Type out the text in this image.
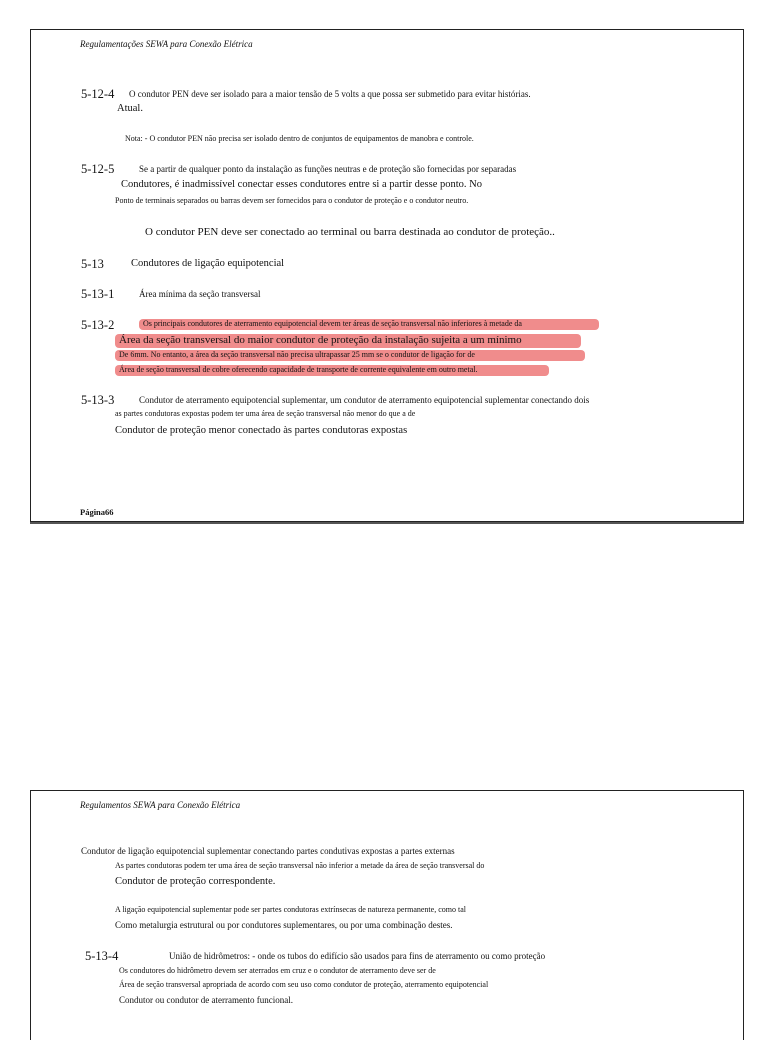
Regulamentações SEWA para Conexão Elétrica
5-12-4 O condutor PEN deve ser isolado para a maior tensão de 5 volts a que possa ser submetido para evitar histórias.
Atual.
Nota: - O condutor PEN não precisa ser isolado dentro de conjuntos de equipamentos de manobra e controle.
5-12-5	Se a partir de qualquer ponto da instalação as funções neutras e de proteção são fornecidas por separadas
Condutores, é inadmissível conectar esses condutores entre si a partir desse ponto. No
Ponto de terminais separados ou barras devem ser fornecidos para o condutor de proteção e o condutor neutro.
O condutor PEN deve ser conectado ao terminal ou barra destinada ao condutor de proteção..
5-13	Condutores de ligação equipotencial
5-13-1	Área mínima da seção transversal
5-13-2	Os principais condutores de aterramento equipotencial devem ter áreas de seção transversal não inferiores à metade da
Área da seção transversal do maior condutor de proteção da instalação sujeita a um mínimo
De 6mm. No entanto, a área da seção transversal não precisa ultrapassar 25 mm se o condutor de ligação for de
Área de seção transversal de cobre oferecendo capacidade de transporte de corrente equivalente em outro metal.
5-13-3	Condutor de aterramento equipotencial suplementar, um condutor de aterramento equipotencial suplementar conectando dois
as partes condutoras expostas podem ter uma área de seção transversal não menor do que a de
Condutor de proteção menor conectado às partes condutoras expostas
Página66
Regulamentos SEWA para Conexão Elétrica
Condutor de ligação equipotencial suplementar conectando partes condutivas expostas a partes externas
As partes condutoras podem ter uma área de seção transversal não inferior a metade da área de seção transversal do
Condutor de proteção correspondente.
A ligação equipotencial suplementar pode ser partes condutoras extrínsecas de natureza permanente, como tal
Como metalurgia estrutural ou por condutores suplementares, ou por uma combinação destes.
5-13-4	União de hidrômetros: - onde os tubos do edifício são usados para fins de aterramento ou como proteção
Os condutores do hidrômetro devem ser aterrados em cruz e o condutor de aterramento deve ser de
Área de seção transversal apropriada de acordo com seu uso como condutor de proteção, aterramento equipotencial
Condutor ou condutor de aterramento funcional.
